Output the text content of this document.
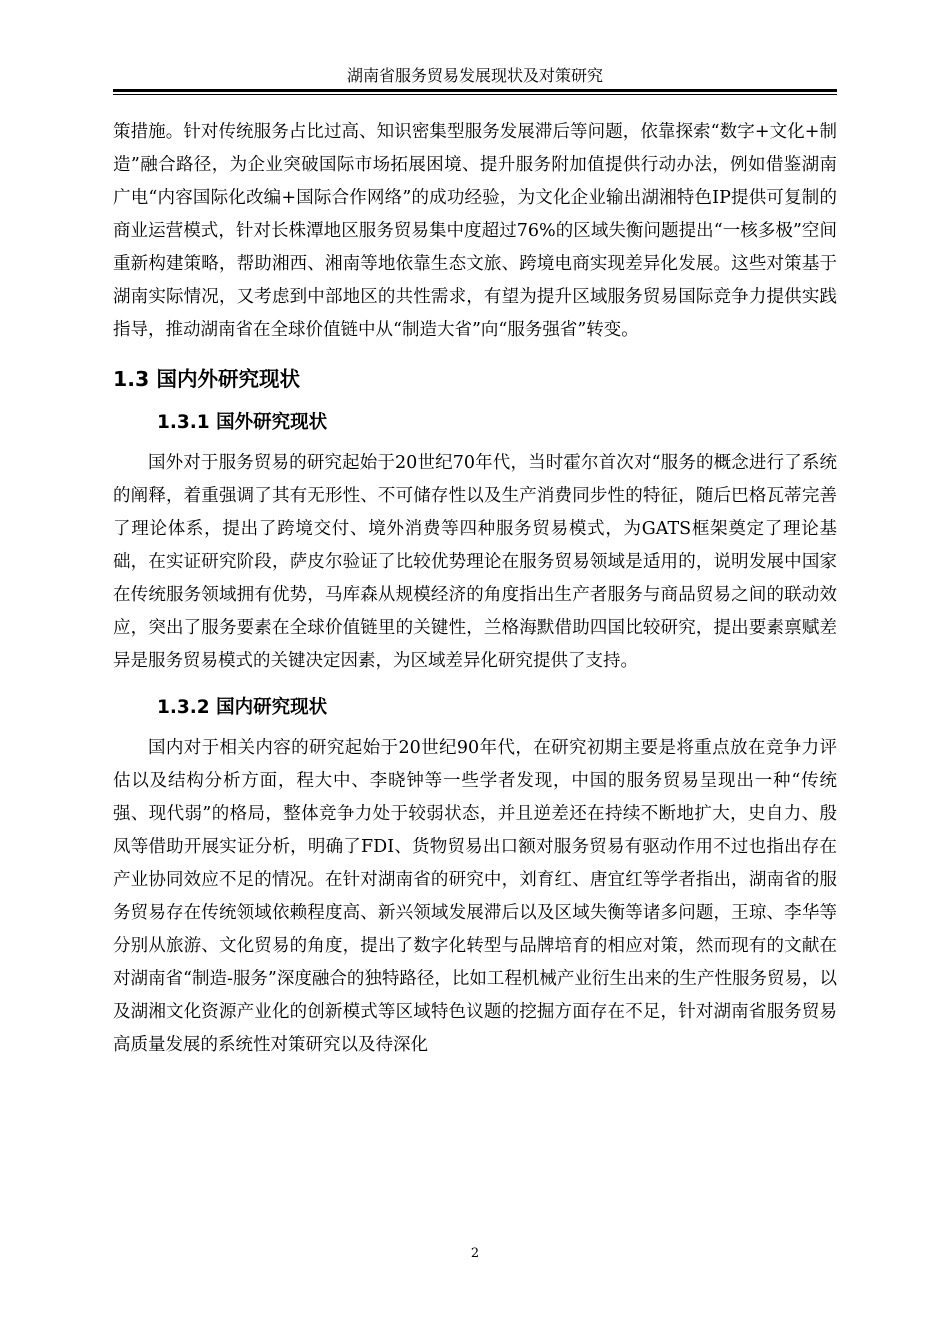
湖南省服务贸易发展现状及对策研究

策措施。针对传统服务占比过高、知识密集型服务发展滞后等问题，依靠探索“数字+文化+制造”融合路径，为企业突破国际市场拓展困境、提升服务附加值提供行动办法，例如借鉴湖南广电“内容国际化改编+国际合作网络”的成功经验，为文化企业输出湖湘特色IP提供可复制的商业运营模式，针对长株潭地区服务贸易集中度超过76%的区域失衡问题提出“一核多极”空间重新构建策略，帮助湘西、湘南等地依靠生态文旅、跨境电商实现差异化发展。这些对策基于湖南实际情况，又考虑到中部地区的共性需求，有望为提升区域服务贸易国际竞争力提供实践指导，推动湖南省在全球价值链中从“制造大省”向“服务强省”转变。

1.3 国内外研究现状
1.3.1 国外研究现状

国外对于服务贸易的研究起始于20世纪70年代，当时霍尔首次对“服务的概念进行了系统的阐释，着重强调了其有无形性、不可储存性以及生产消费同步性的特征，随后巴格瓦蒂完善了理论体系，提出了跨境交付、境外消费等四种服务贸易模式，为GATS框架奠定了理论基础，在实证研究阶段，萨皮尔验证了比较优势理论在服务贸易领域是适用的，说明发展中国家在传统服务领域拥有优势，马库森从规模经济的角度指出生产者服务与商品贸易之间的联动效应，突出了服务要素在全球价值链里的关键性，兰格海默借助四国比较研究，提出要素禀赋差异是服务贸易模式的关键决定因素，为区域差异化研究提供了支持。

1.3.2 国内研究现状

国内对于相关内容的研究起始于20世纪90年代，在研究初期主要是将重点放在竞争力评估以及结构分析方面，程大中、李晓钟等一些学者发现，中国的服务贸易呈现出一种“传统强、现代弱”的格局，整体竞争力处于较弱状态，并且逆差还在持续不断地扩大，史自力、殷凤等借助开展实证分析，明确了FDI、货物贸易出口额对服务贸易有驱动作用不过也指出存在产业协同效应不足的情况。在针对湖南省的研究中，刘育红、唐宜红等学者指出，湖南省的服务贸易存在传统领域依赖程度高、新兴领域发展滞后以及区域失衡等诸多问题，王琼、李华等分别从旅游、文化贸易的角度，提出了数字化转型与品牌培育的相应对策，然而现有的文献在对湖南省“制造-服务”深度融合的独特路径，比如工程机械产业衍生出来的生产性服务贸易，以及湖湘文化资源产业化的创新模式等区域特色议题的挖掘方面存在不足，针对湖南省服务贸易高质量发展的系统性对策研究以及待深化

2
